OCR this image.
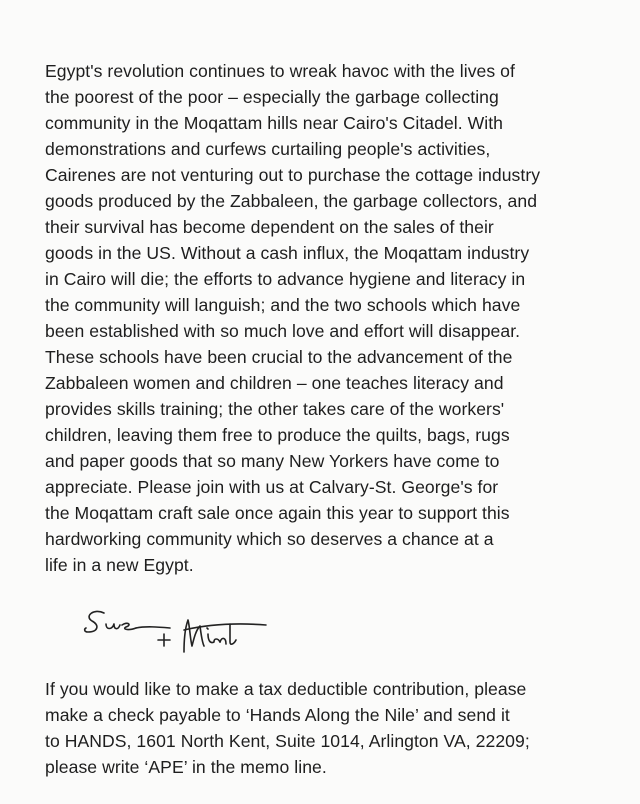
Egypt's revolution continues to wreak havoc with the lives of
the poorest of the poor – especially the garbage collecting
community in the Moqattam hills near Cairo's Citadel. With
demonstrations and curfews curtailing people's activities,
Cairenes are not venturing out to purchase the cottage industry
goods produced by the Zabbaleen, the garbage collectors, and
their survival has become dependent on the sales of their
goods in the US. Without a cash influx, the Moqattam industry
in Cairo will die; the efforts to advance hygiene and literacy in
the community will languish; and the two schools which have
been established with so much love and effort will disappear.
These schools have been crucial to the advancement of the
Zabbaleen women and children – one teaches literacy and
provides skills training; the other takes care of the workers'
children, leaving them free to produce the quilts, bags, rugs
and paper goods that so many New Yorkers have come to
appreciate. Please join with us at Calvary-St. George's for
the Moqattam craft sale once again this year to support this
hardworking community which so deserves a chance at a
life in a new Egypt.
If you would like to make a tax deductible contribution, please
make a check payable to ‘Hands Along the Nile’ and send it
to HANDS, 1601 North Kent, Suite 1014, Arlington VA, 22209;
please write ‘APE’ in the memo line.
